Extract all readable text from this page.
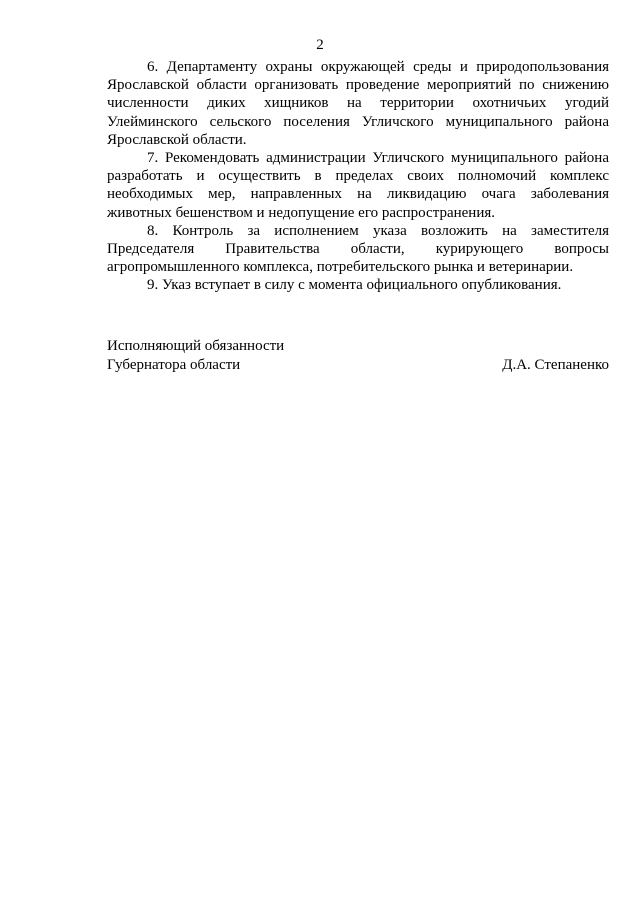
2

6. Департаменту охраны окружающей среды и природопользования Ярославской области организовать проведение мероприятий по снижению численности диких хищников на территории охотничьих угодий Улейминского сельского поселения Угличского муниципального района Ярославской области.

7. Рекомендовать администрации Угличского муниципального района разработать и осуществить в пределах своих полномочий комплекс необходимых мер, направленных на ликвидацию очага заболевания животных бешенством и недопущение его распространения.

8. Контроль за исполнением указа возложить на заместителя Председателя Правительства области, курирующего вопросы агропромышленного комплекса, потребительского рынка и ветеринарии.

9. Указ вступает в силу с момента официального опубликования.

Исполняющий обязанности
Губернатора области	Д.А. Степаненко
